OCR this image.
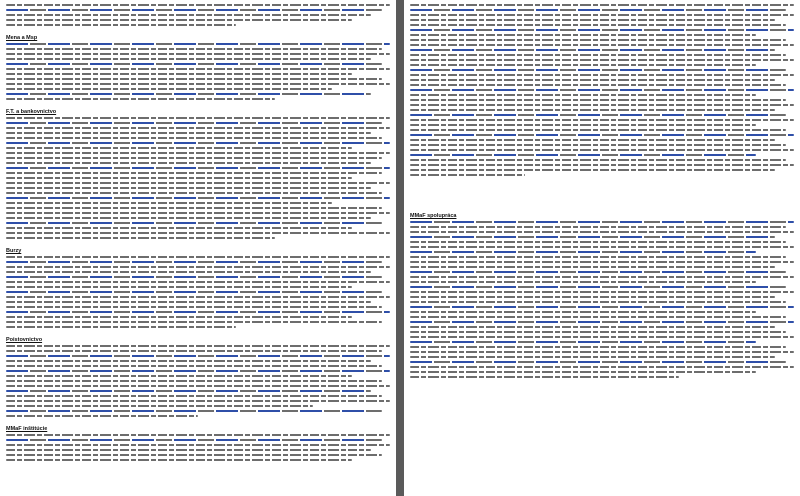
Mena a Msp
F.T. a bankovnictvo
Burzy
Poistovnictvo
MMaF inštitúcie
MMaF spolupráca
